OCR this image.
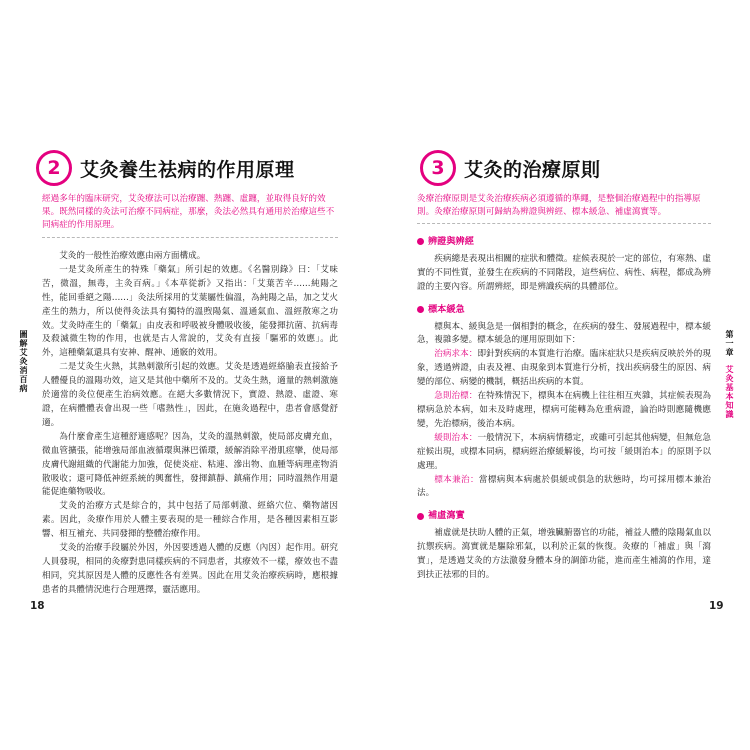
2	艾灸養生祛病的作用原理
經過多年的臨床研究，艾灸療法可以治療躔、熱躔、虛躔，並取得良好的效果。既然同樣的灸法可治療不同病症，那麼，灸法必然具有通用於治療這些不同病症的作用原理。

艾灸的一般性治療效應由兩方面構成。

一是艾灸所產生的特殊「藥氣」所引起的效應。《名醫別錄》曰：「艾味苦，微溫，無毒，主灸百病。」《本草從新》又指出：「艾葉苦辛……純陽之性，能回垂絕之陽……」灸法所採用的艾葉屬性偏溫，為純陽之品，加之艾火產生的熱力，所以使得灸法具有獨特的溫煦陽氣、溫通氣血、溫經散寒之功效。艾灸時產生的「藥氣」由皮表和呼吸被身體吸收後，能發揮抗菌、抗病毒及殺滅微生物的作用，也就是古人常說的，艾灸有直接「驅邪的效應」。此外，這種藥氣還具有安神、醒神、通竅的效用。

二是艾灸生火熱，其熱刺激所引起的效應。艾灸是透過經絡腧表直接給予人體優良的溫陽功效，這又是其他中藥所不及的。艾灸生熱，適量的熱刺激施於適當的灸位便產生治病效應。在絕大多數情況下，實證、熱證、虛證、寒證，在病體體表會出現一些「嗜熱性」，因此，在施灸過程中，患者會感覺舒適。

為什麼會產生這種舒適感呢？因為，艾灸的溫熱刺激，使局部皮膚充血，微血管擴張，能增強局部血液循環與淋巴循環，緩解消除平滑肌痙攣，使局部皮膚代謝組織的代謝能力加強，促使炎症、粘連、滲出物、血腫等病理產物消散吸收；還可降低神經系統的興奮性，發揮鎮靜、鎮痛作用；同時溫熱作用還能促進藥物吸收。

艾灸的治療方式是綜合的，其中包括了局部刺激、經絡穴位、藥物諸因素。因此，灸療作用於人體主要表現的是一種綜合作用，是各種因素相互影響、相互補充、共同發揮的整體治療作用。

艾灸的治療手段屬於外因，外因要透過人體的反應（內因）起作用。研究人員發現，相同的灸療對患同樣疾病的不同患者，其療效不一樣，療效也不盡相同，究其原因是人體的反應性各有差異。因此在用艾灸治療疾病時，應根據患者的具體情況進行合理選擇，靈活應用。

圖解艾灸消百病
18
3	艾灸的治療原則
灸療治療原則是艾灸治療疾病必須遵循的準繩，是整個治療過程中的指導原則。灸療治療原則可歸納為辨證與辨經、標本緩急、補虛瀉實等。
辨證與辨經

疾病總是表現出相關的症狀和體徵。症候表現於一定的部位，有寒熱、虛實的不同性質，並發生在疾病的不同階段，這些病位、病性、病程，都成為辨證的主要內容。所謂辨經，即是辨識疾病的具體部位。

標本緩急

標與本、緩與急是一個相對的概念，在疾病的發生、發展過程中，標本緩急，複雜多變。標本緩急的運用原則如下：

治病求本：即針對疾病的本質進行治療。臨床症狀只是疾病反映於外的現象，透過辨證，由表及裡、由現象到本質進行分析，找出疾病發生的原因、病變的部位、病變的機制，概括出疾病的本質。

急則治標：在特殊情況下，標與本在病機上往往相互夾雜，其症候表現為標病急於本病，如未及時處理，標病可能轉為危重病證，論治時則應隨機應變，先治標病，後治本病。

緩則治本：一般情況下，本病病情穩定，或雖可引起其他病變，但無危急症候出現，或標本同病，標病經治療緩解後，均可按「緩則治本」的原則予以處理。

標本兼治：當標病與本病處於俱緩或俱急的狀態時，均可採用標本兼治法。

補虛瀉實

補虛就是扶助人體的正氣，增強臟腑器官的功能，補益人體的陰陽氣血以抗禦疾病。瀉實就是驅除邪氣，以利於正氣的恢復。灸療的「補虛」與「瀉實」，是透過艾灸的方法激發身體本身的調節功能，進而產生補瀉的作用，達到扶正祛邪的目的。

第一章 艾灸基本知識
19
